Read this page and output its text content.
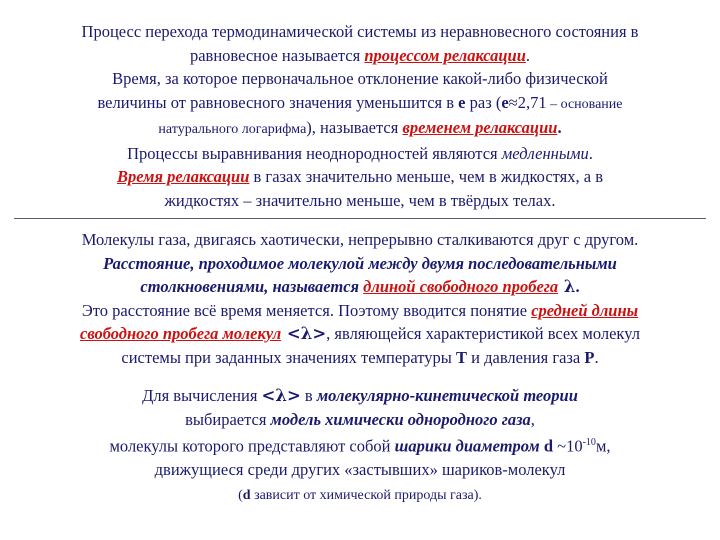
Процесс перехода термодинамической системы из неравновесного состояния в
равновесное называется процессом релаксации.
Время, за которое первоначальное отклонение какой-либо физической
величины от равновесного значения уменьшится в e раз (e≈2,71 – основание
натурального логарифма), называется временем релаксации.
Процессы выравнивания неоднородностей являются медленными.
Время релаксации в газах значительно меньше, чем в жидкостях, а в
жидкостях – значительно меньше, чем в твёрдых телах.
Молекулы газа, двигаясь хаотически, непрерывно сталкиваются друг с другом.
Расстояние, проходимое молекулой между двумя последовательными
столкновениями, называется длиной свободного пробега λ.
Это расстояние всё время меняется. Поэтому вводится понятие средней длины
свободного пробега молекул <λ>, являющейся характеристикой всех молекул
системы при заданных значениях температуры T и давления газа P.
Для вычисления <λ> в молекулярно-кинетической теории
выбирается модель химически однородного газа,
молекулы которого представляют собой шарики диаметром d $\sim 10^{-10}м$,
движущиеся среди других «застывших» шариков-молекул
(d зависит от химической природы газа).
